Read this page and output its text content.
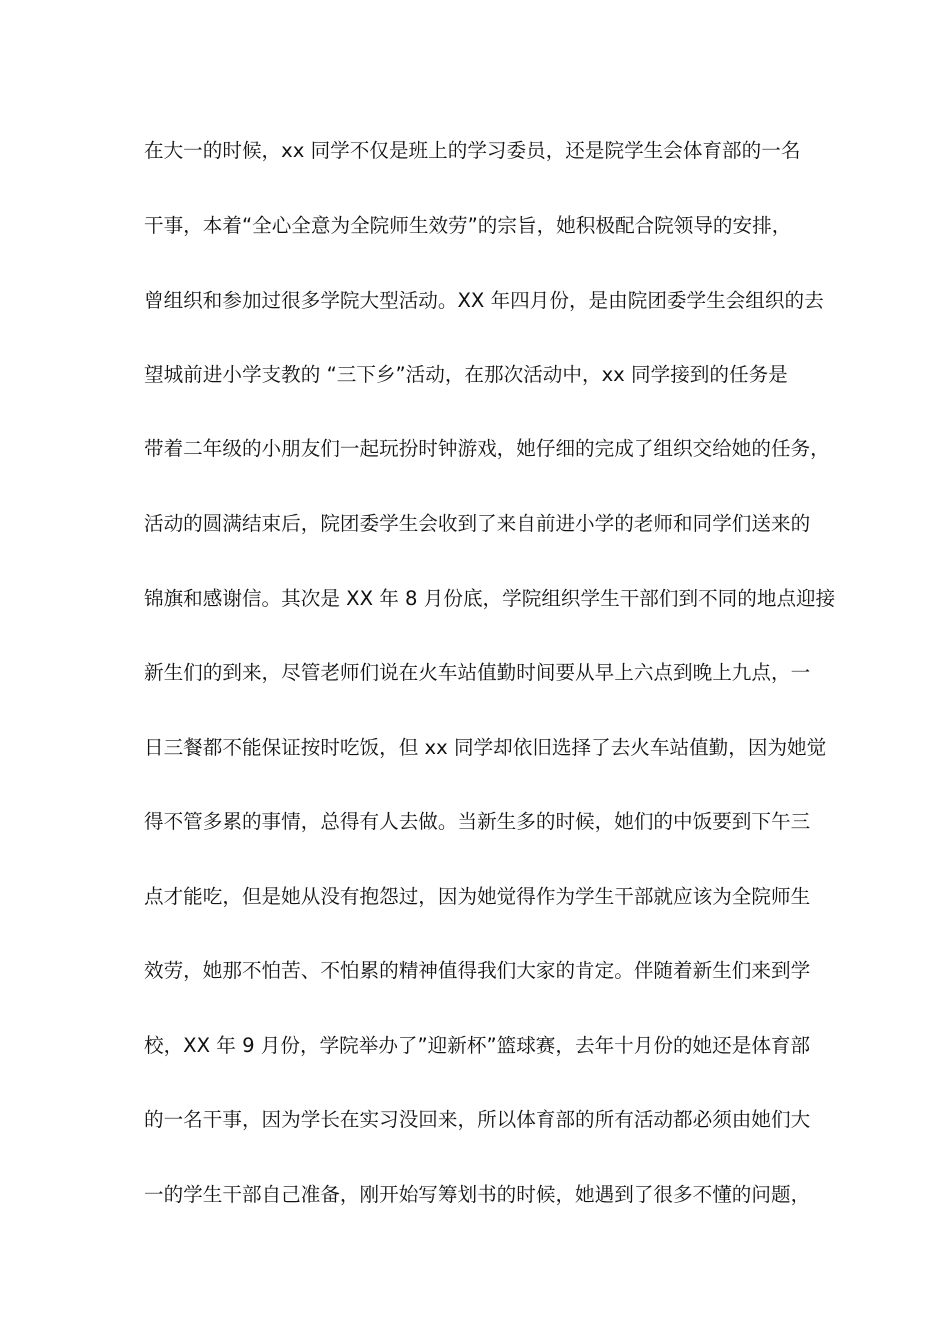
在大一的时候，xx 同学不仅是班上的学习委员，还是院学生会体育部的一名
干事，本着“全心全意为全院师生效劳”的宗旨，她积极配合院领导的安排，
曾组织和参加过很多学院大型活动。XX 年四月份，是由院团委学生会组织的去
望城前进小学支教的 “三下乡”活动，在那次活动中，xx 同学接到的任务是
带着二年级的小朋友们一起玩扮时钟游戏，她仔细的完成了组织交给她的任务，
活动的圆满结束后，院团委学生会收到了来自前进小学的老师和同学们送来的
锦旗和感谢信。其次是 XX 年 8 月份底，学院组织学生干部们到不同的地点迎接
新生们的到来，尽管老师们说在火车站值勤时间要从早上六点到晚上九点，一
日三餐都不能保证按时吃饭，但 xx 同学却依旧选择了去火车站值勤，因为她觉
得不管多累的事情，总得有人去做。当新生多的时候，她们的中饭要到下午三
点才能吃，但是她从没有抱怨过，因为她觉得作为学生干部就应该为全院师生
效劳，她那不怕苦、不怕累的精神值得我们大家的肯定。伴随着新生们来到学
校，XX 年 9 月份，学院举办了”迎新杯”篮球赛，去年十月份的她还是体育部
的一名干事，因为学长在实习没回来，所以体育部的所有活动都必须由她们大
一的学生干部自己准备，刚开始写筹划书的时候，她遇到了很多不懂的问题，
